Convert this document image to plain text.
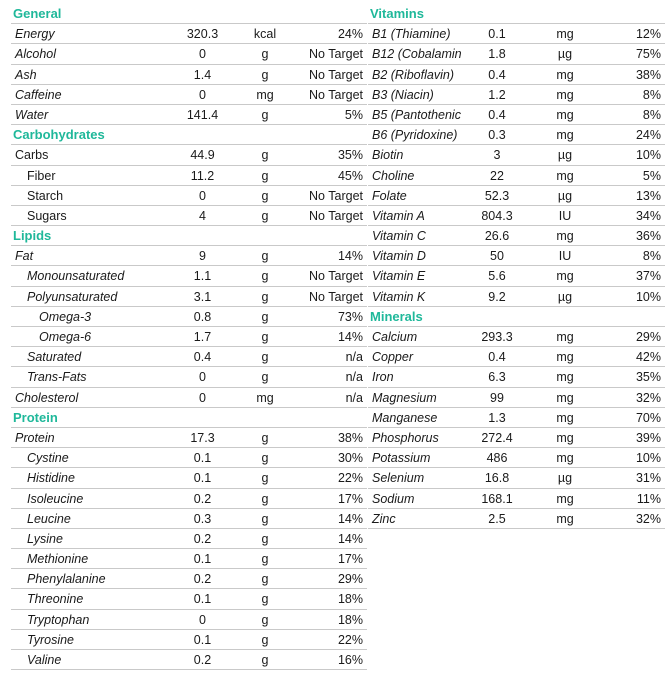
General
Energy	320.3	kcal	24%
Alcohol	0	g	No Target
Ash	1.4	g	No Target
Caffeine	0	mg	No Target
Water	141.4	g	5%
Carbohydrates
Carbs	44.9	g	35%
Fiber	11.2	g	45%
Starch	0	g	No Target
Sugars	4	g	No Target
Lipids
Fat	9	g	14%
Monounsaturated	1.1	g	No Target
Polyunsaturated	3.1	g	No Target
Omega-3	0.8	g	73%
Omega-6	1.7	g	14%
Saturated	0.4	g	n/a
Trans-Fats	0	g	n/a
Cholesterol	0	mg	n/a
Protein
Protein	17.3	g	38%
Cystine	0.1	g	30%
Histidine	0.1	g	22%
Isoleucine	0.2	g	17%
Leucine	0.3	g	14%
Lysine	0.2	g	14%
Methionine	0.1	g	17%
Phenylalanine	0.2	g	29%
Threonine	0.1	g	18%
Tryptophan	0	g	18%
Tyrosine	0.1	g	22%
Valine	0.2	g	16%
Vitamins
B1 (Thiamine)	0.1	mg	12%
B12 (Cobalamin	1.8	µg	75%
B2 (Riboflavin)	0.4	mg	38%
B3 (Niacin)	1.2	mg	8%
B5 (Pantothenic	0.4	mg	8%
B6 (Pyridoxine)	0.3	mg	24%
Biotin	3	µg	10%
Choline	22	mg	5%
Folate	52.3	µg	13%
Vitamin A	804.3	IU	34%
Vitamin C	26.6	mg	36%
Vitamin D	50	IU	8%
Vitamin E	5.6	mg	37%
Vitamin K	9.2	µg	10%
Minerals
Calcium	293.3	mg	29%
Copper	0.4	mg	42%
Iron	6.3	mg	35%
Magnesium	99	mg	32%
Manganese	1.3	mg	70%
Phosphorus	272.4	mg	39%
Potassium	486	mg	10%
Selenium	16.8	µg	31%
Sodium	168.1	mg	11%
Zinc	2.5	mg	32%
